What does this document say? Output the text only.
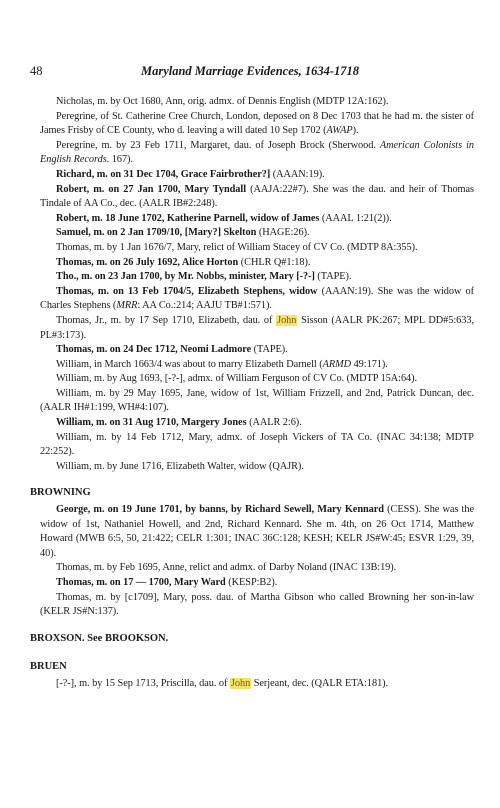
48	Maryland Marriage Evidences, 1634-1718

Nicholas, m. by Oct 1680, Ann, orig. admx. of Dennis English (MDTP 12A:162).

Peregrine, of St. Catherine Cree Church, London, deposed on 8 Dec 1703 that he had m. the sister of James Frisby of CE County, who d. leaving a will dated 10 Sep 1702 (AWAP).

Peregrine, m. by 23 Feb 1711, Margaret, dau. of Joseph Brock (Sherwood. American Colonists in English Records. 167).

Richard, m. on 31 Dec 1704, Grace Fairbrother?] (AAAN:19).

Robert, m. on 27 Jan 1700, Mary Tyndall (AAJA:22#7). She was the dau. and heir of Thomas Tindale of AA Co., dec. (AALR IB#2:248).

Robert, m. 18 June 1702, Katherine Parnell, widow of James (AAAL 1:21(2)).

Samuel, m. on 2 Jan 1709/10, [Mary?] Skelton (HAGE:26).

Thomas, m. by 1 Jan 1676/7, Mary, relict of William Stacey of CV Co. (MDTP 8A:355).

Thomas, m. on 26 July 1692, Alice Horton (CHLR Q#1:18).

Tho., m. on 23 Jan 1700, by Mr. Nobbs, minister, Mary [-?-] (TAPE).

Thomas, m. on 13 Feb 1704/5, Elizabeth Stephens, widow (AAAN:19). She was the widow of Charles Stephens (MRR: AA Co.:214; AAJU TB#1:571).

Thomas, Jr., m. by 17 Sep 1710, Elizabeth, dau. of John Sisson (AALR PK:267; MPL DD#5:633, PL#3:173).

Thomas, m. on 24 Dec 1712, Neomi Ladmore (TAPE).

William, in March 1663/4 was about to marry Elizabeth Darnell (ARMD 49:171).

William, m. by Aug 1693, [-?-], admx. of William Ferguson of CV Co. (MDTP 15A:64).

William, m. by 29 May 1695, Jane, widow of 1st, William Frizzell, and 2nd, Patrick Duncan, dec. (AALR IH#1:199, WH#4:107).

William, m. on 31 Aug 1710, Margery Jones (AALR 2:6).

William, m. by 14 Feb 1712, Mary, admx. of Joseph Vickers of TA Co. (INAC 34:138; MDTP 22:252).

William, m. by June 1716, Elizabeth Walter, widow (QAJR).

BROWNING

George, m. on 19 June 1701, by banns, by Richard Sewell, Mary Kennard (CESS). She was the widow of 1st, Nathaniel Howell, and 2nd, Richard Kennard. She m. 4th, on 26 Oct 1714, Matthew Howard (MWB 6:5, 50, 21:422; CELR 1:301; INAC 36C:128; KESH; KELR JS#W:45; ESVR 1:29, 39, 40).

Thomas, m. by Feb 1695, Anne, relict and admx. of Darby Noland (INAC 13B:19).

Thomas, m. on 17 — 1700, Mary Ward (KESP:B2).

Thomas, m. by [c1709], Mary, poss. dau. of Martha Gibson who called Browning her son-in-law (KELR JS#N:137).

BROXSON. See BROOKSON.
BRUEN

[-?-], m. by 15 Sep 1713, Priscilla, dau. of John Serjeant, dec. (QALR ETA:181).
